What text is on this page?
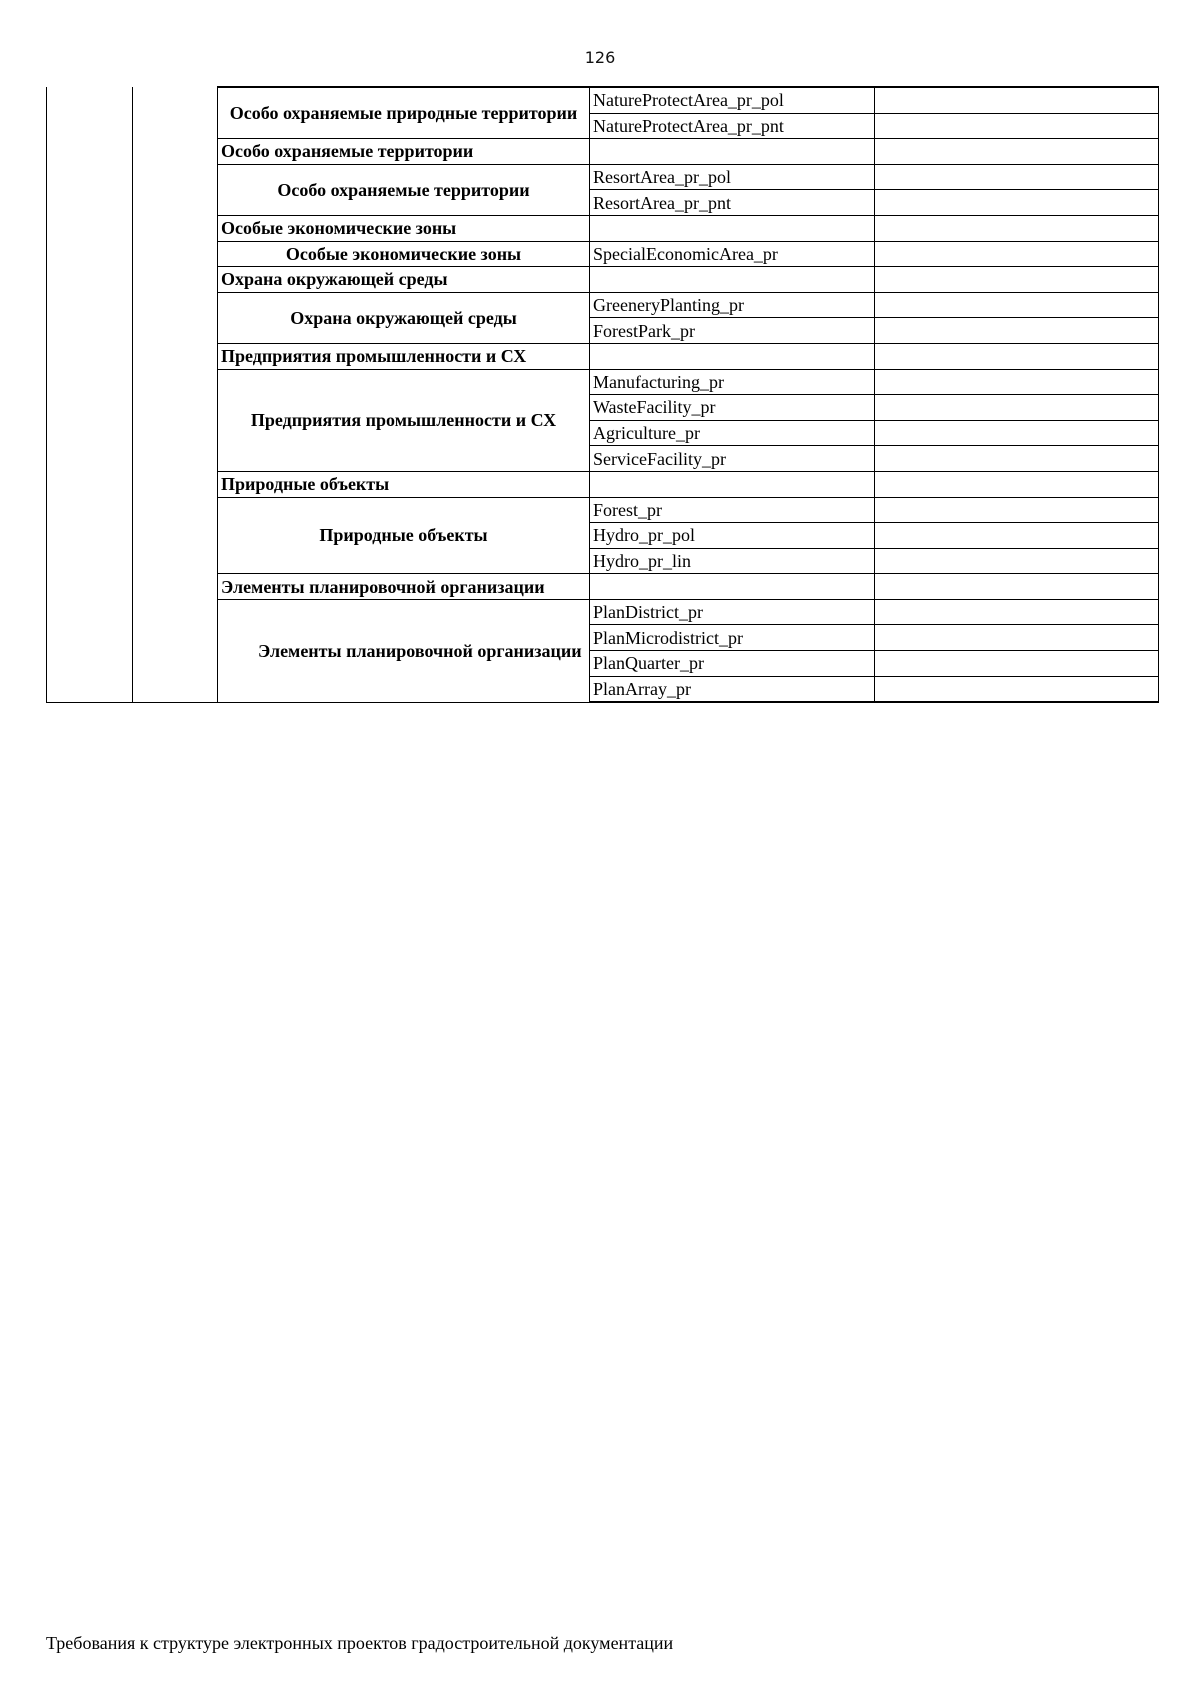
126
		Особо охраняемые природные территории	NatureProtectArea_pr_pol	
			NatureProtectArea_pr_pnt	
		Особо охраняемые территории		
		Особо охраняемые территории	ResortArea_pr_pol	
			ResortArea_pr_pnt	
		Особые экономические зоны		
		Особые экономические зоны	SpecialEconomicArea_pr	
		Охрана окружающей среды		
		Охрана окружающей среды	GreeneryPlanting_pr	
			ForestPark_pr	
		Предприятия промышленности и СХ		
		Предприятия промышленности и СХ	Manufacturing_pr	
			WasteFacility_pr	
			Agriculture_pr	
			ServiceFacility_pr	
		Природные объекты		
		Природные объекты	Forest_pr	
			Hydro_pr_pol	
			Hydro_pr_lin	
		Элементы планировочной организации		
		Элементы планировочной организации	PlanDistrict_pr	
			PlanMicrodistrict_pr	
			PlanQuarter_pr	
			PlanArray_pr	
Требования к структуре электронных проектов градостроительной документации
